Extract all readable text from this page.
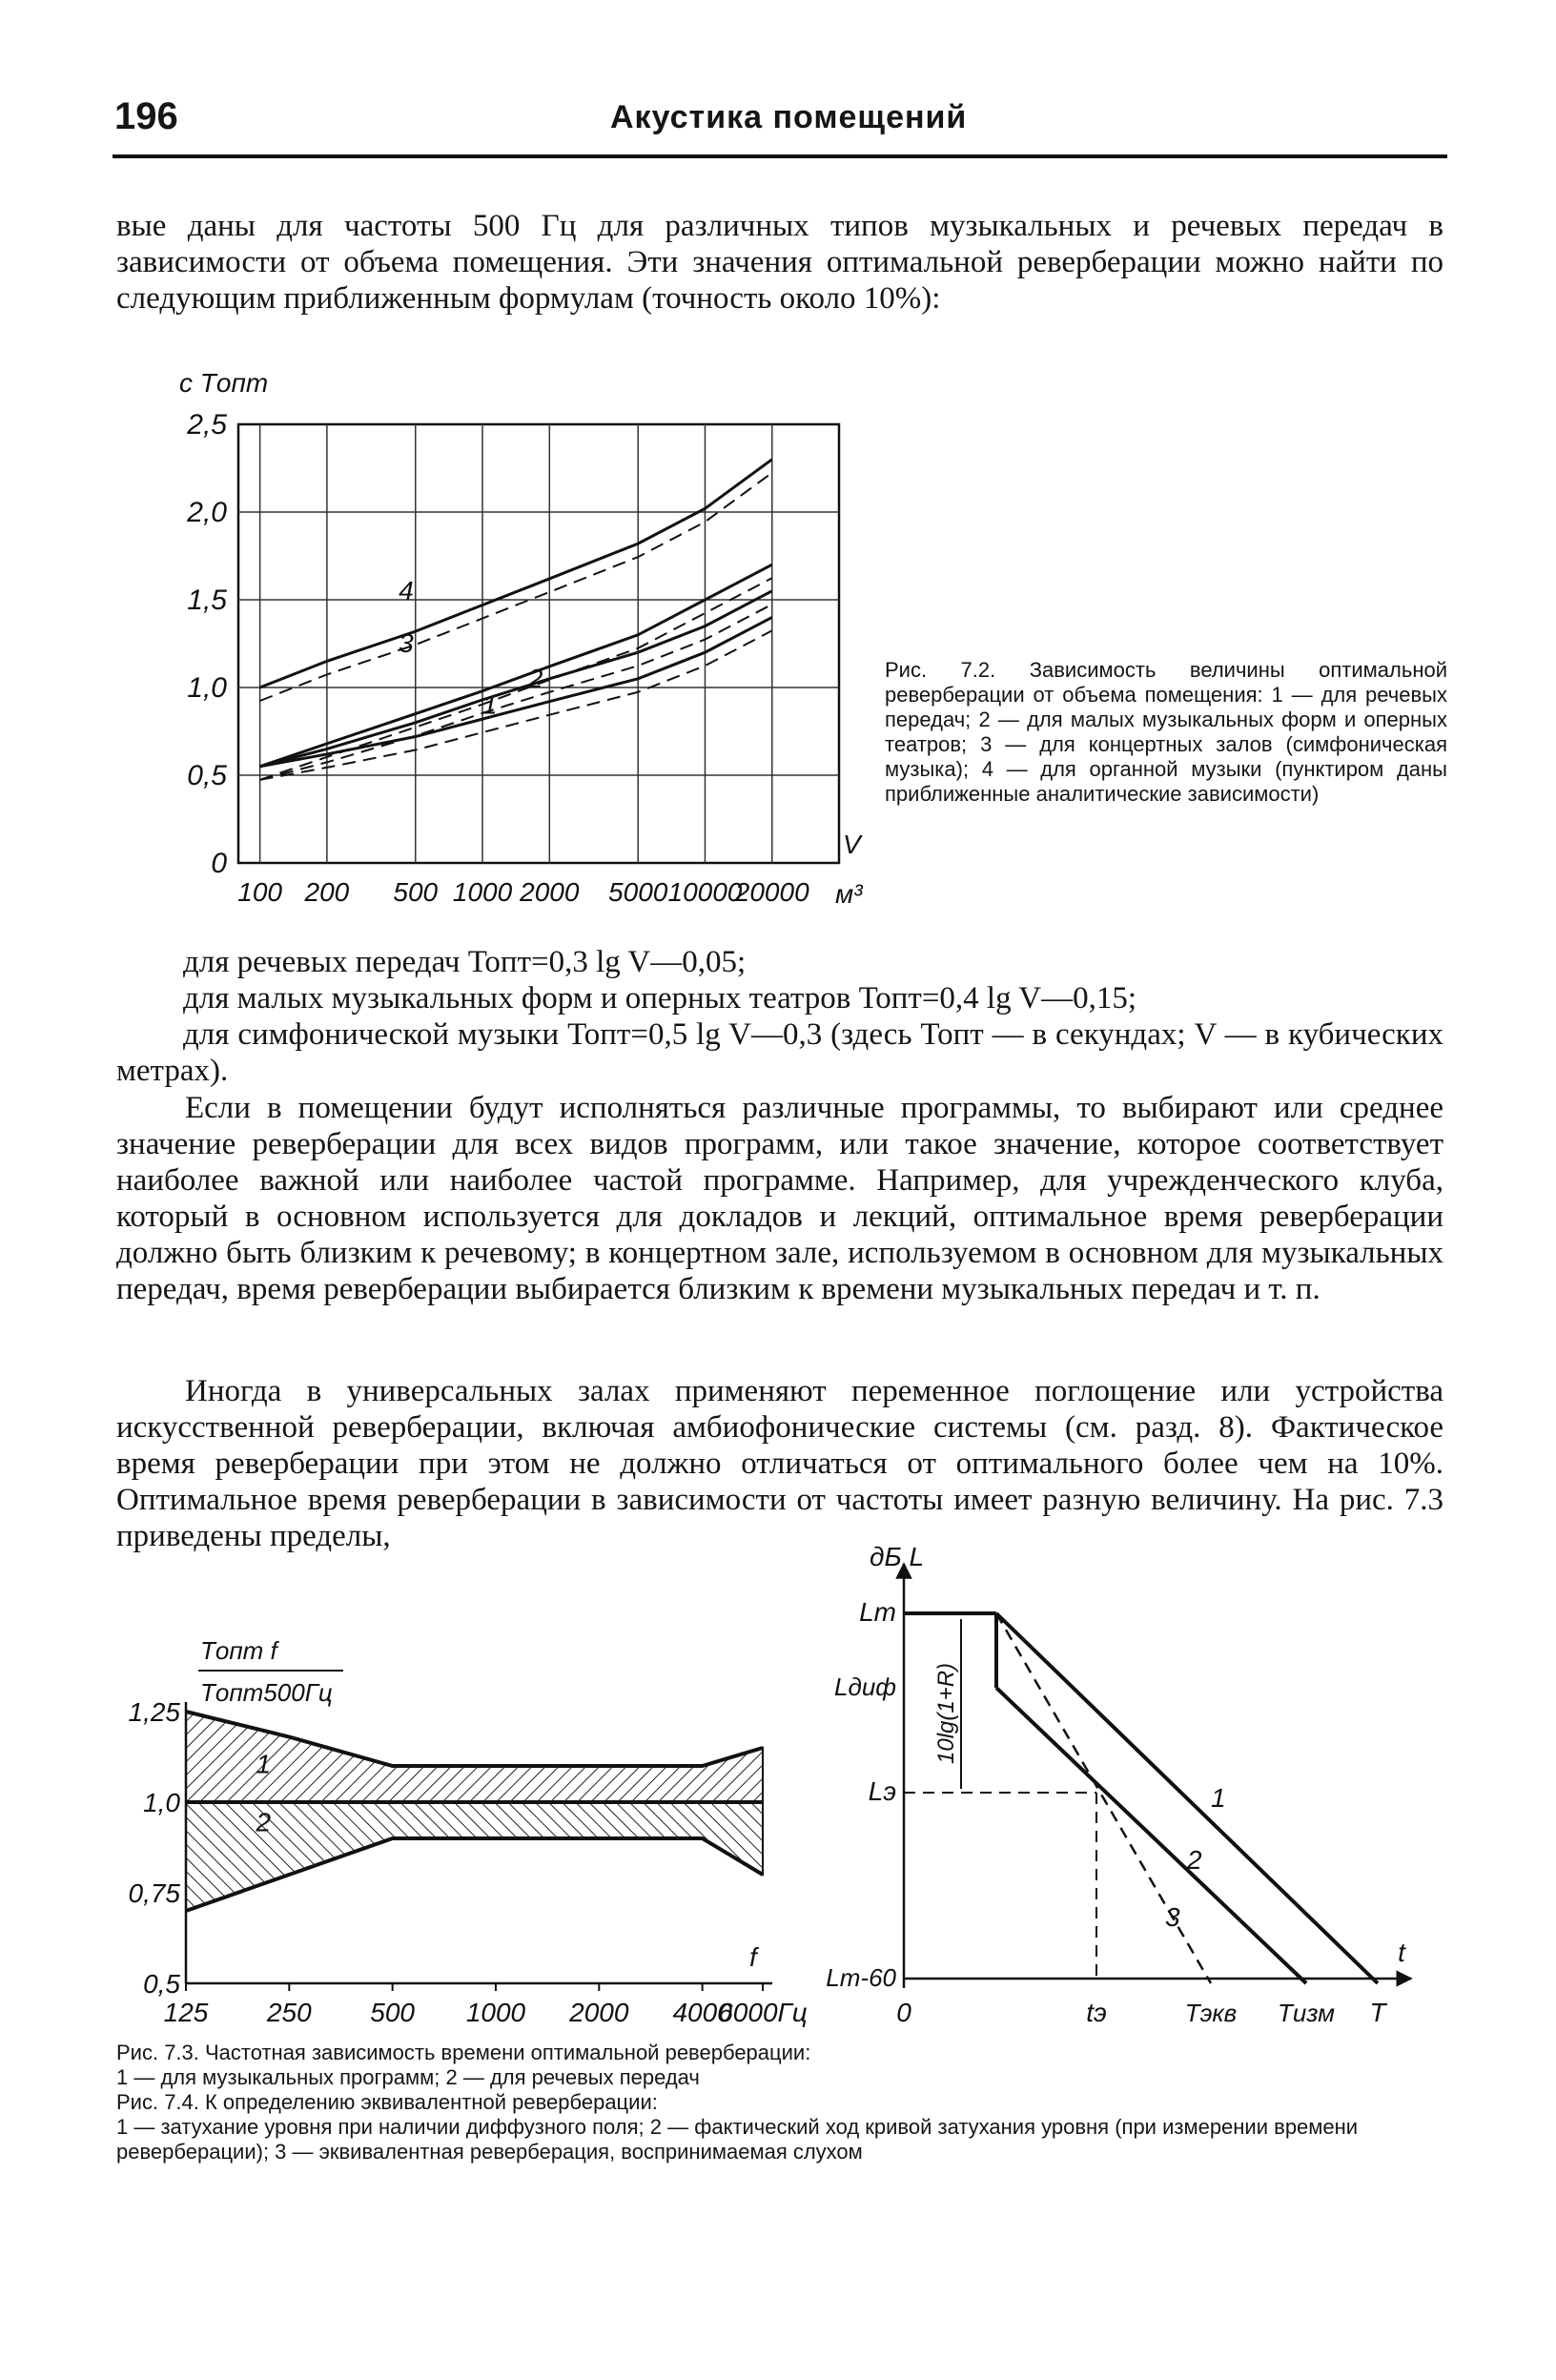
196	Акустика помещений
вые даны для частоты 500 Гц для различных типов музыкальных и речевых передач в зависимости от объема помещения. Эти значения оптимальной реверберации можно найти по следующим приближенным формулам (точность около 10%):
100 200 500 1000 2000 5000 10000
20000
2,5
2,0
1,5
1,0
0,5
0
c Tопт
м³
V
1
2
3
4
Рис. 7.2. Зависимость величины оптимальной реверберации от объема помещения: 1 — для речевых передач; 2 — для малых музыкальных форм и оперных театров; 3 — для концертных залов (симфоническая музыка); 4 — для органной музыки (пунктиром даны приближенные аналитические зависимости)
для речевых передач Топт=0,3 lg V—0,05;
для малых музыкальных форм и оперных театров Топт=0,4 lg V—0,15;
для симфонической музыки Топт=0,5 lg V—0,3 (здесь Топт — в секундах; V — в кубических метрах).
Если в помещении будут исполняться различные программы, то выбирают или среднее значение реверберации для всех видов программ, или такое значение, которое соответствует наиболее важной или наиболее частой программе. Например, для учрежденческого клуба, который в основном используется для докладов и лекций, оптимальное время реверберации должно быть близким к речевому; в концертном зале, используемом в основном для музыкальных передач, время реверберации выбирается близким к времени музыкальных передач и т. п.
Иногда в универсальных залах применяют переменное поглощение или устройства искусственной реверберации, включая амбиофонические системы (см. разд. 8). Фактическое время реверберации при этом не должно отличаться от оптимального более чем на 10%. Оптимальное время реверберации в зависимости от частоты имеет разную величину. На рис. 7.3 приведены пределы,
1,25
1,0
0,75
0,5
125 250 500 1000 2000 4000
6000Гц
Tопт f
Tопт500Гц
f
1
2
дБ L
Lm
Lдиф
Lэ
Lm-60
10lg(1+R)
0	tэ	Tэкв Tизм T
t
1
2
3
Рис. 7.3. Частотная зависимость времени оптимальной реверберации:
1 — для музыкальных программ; 2 — для речевых передач
Рис. 7.4. К определению эквивалентной реверберации:
1 — затухание уровня при наличии диффузного поля; 2 — фактический ход кривой затухания уровня (при измерении времени реверберации); 3 — эквивалентная реверберация, воспринимаемая слухом
